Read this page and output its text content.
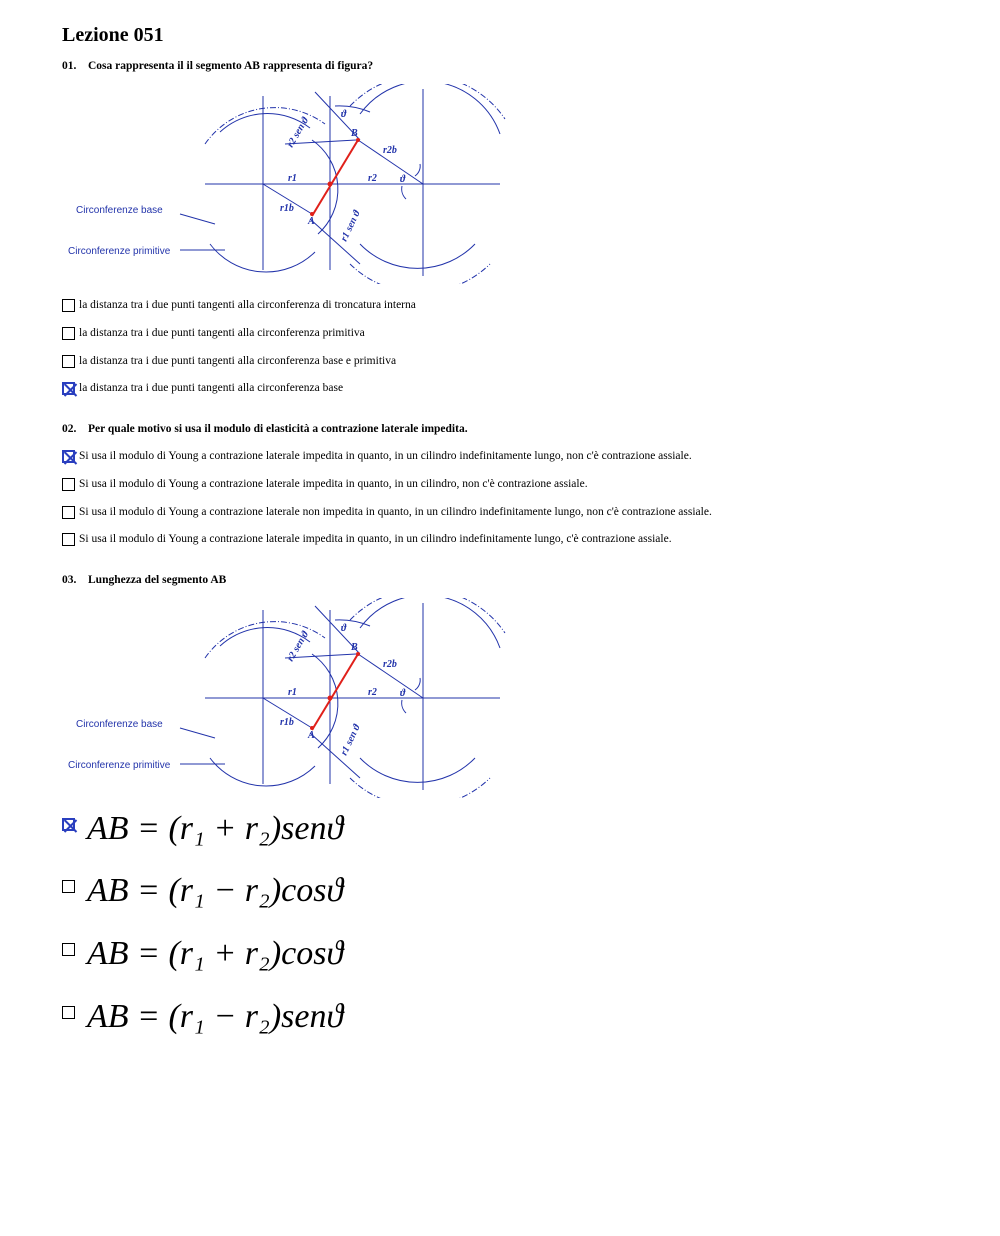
Lezione 051
01. Cosa rappresenta il il segmento AB rappresenta di figura?
Circonferenze base
Circonferenze primitive
r1	r2
r1b
r2b
A
B
ϑ
ϑ
r2 sen ϑ
r1 sen ϑ
la distanza tra i due punti tangenti alla circonferenza di troncatura interna
la distanza tra i due punti tangenti alla circonferenza primitiva
la distanza tra i due punti tangenti alla circonferenza base e primitiva
la distanza tra i due punti tangenti alla circonferenza base
02. Per quale motivo si usa il modulo di elasticità a contrazione laterale impedita.
Si usa il modulo di Young a contrazione laterale impedita in quanto, in un cilindro indefinitamente lungo, non c'è contrazione assiale.
Si usa il modulo di Young a contrazione laterale impedita in quanto, in un cilindro, non c'è contrazione assiale.
Si usa il modulo di Young a contrazione laterale non impedita in quanto, in un cilindro indefinitamente lungo, non c'è contrazione assiale.
Si usa il modulo di Young a contrazione laterale impedita in quanto, in un cilindro indefinitamente lungo, c'è contrazione assiale.
03. Lunghezza del segmento AB
Circonferenze base
Circonferenze primitive
r1	r2
r1b
r2b
A
B
ϑ
ϑ
r2 sen ϑ
r1 sen ϑ
AB = (r₁ + r₂)senϑ
AB = (r₁ − r₂)cosϑ
AB = (r₁ + r₂)cosϑ
AB = (r₁ − r₂)senϑ
